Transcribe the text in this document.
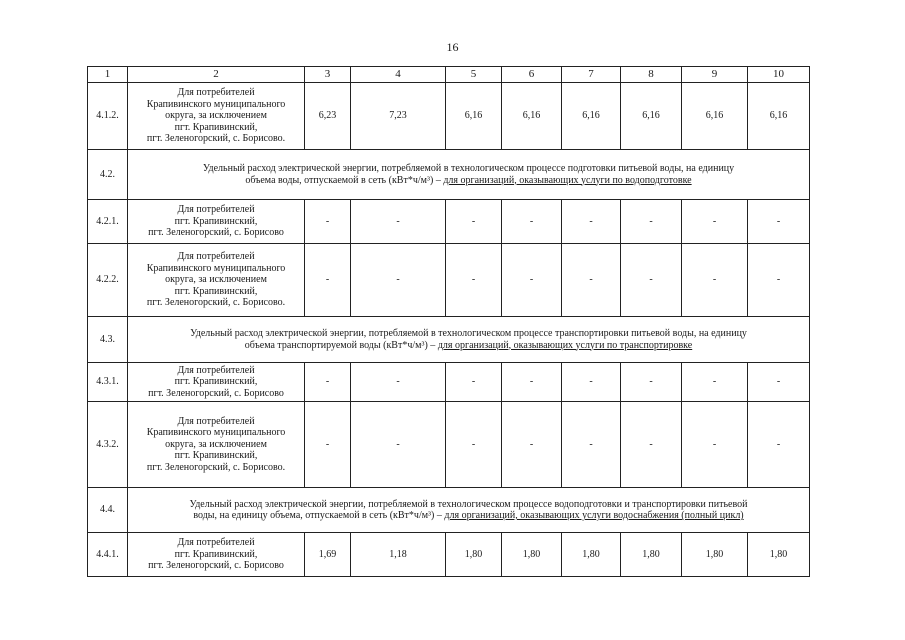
16
1	2	3	4	5	6	7	8	9	10
4.1.2.	Для потребителей
Крапивинского муниципального
округа, за исключением
пгт. Крапивинский,
пгт. Зеленогорский, с. Борисово.	6,23	7,23	6,16	6,16	6,16	6,16	6,16	6,16
4.2.	Удельный расход электрической энергии, потребляемой в технологическом процессе подготовки питьевой воды, на единицу
объема воды, отпускаемой в сеть (кВт*ч/м³) – для организаций, оказывающих услуги по водоподготовке								
4.2.1.	Для потребителей
пгт. Крапивинский,
пгт. Зеленогорский, с. Борисово	-	-	-	-	-	-	-	-
4.2.2.	Для потребителей
Крапивинского муниципального
округа, за исключением
пгт. Крапивинский,
пгт. Зеленогорский, с. Борисово.	-	-	-	-	-	-	-	-
4.3.	Удельный расход электрической энергии, потребляемой в технологическом процессе транспортировки питьевой воды, на единицу
объема транспортируемой воды (кВт*ч/м³) – для организаций, оказывающих услуги по транспортировке								
4.3.1.	Для потребителей
пгт. Крапивинский,
пгт. Зеленогорский, с. Борисово	-	-	-	-	-	-	-	-
4.3.2.	Для потребителей
Крапивинского муниципального
округа, за исключением
пгт. Крапивинский,
пгт. Зеленогорский, с. Борисово.	-	-	-	-	-	-	-	-
4.4.	Удельный расход электрической энергии, потребляемой в технологическом процессе водоподготовки и транспортировки питьевой
воды, на единицу объема, отпускаемой в сеть (кВт*ч/м³) – для организаций, оказывающих услуги водоснабжения (полный цикл)								
4.4.1.	Для потребителей
пгт. Крапивинский,
пгт. Зеленогорский, с. Борисово	1,69	1,18	1,80	1,80	1,80	1,80	1,80	1,80
